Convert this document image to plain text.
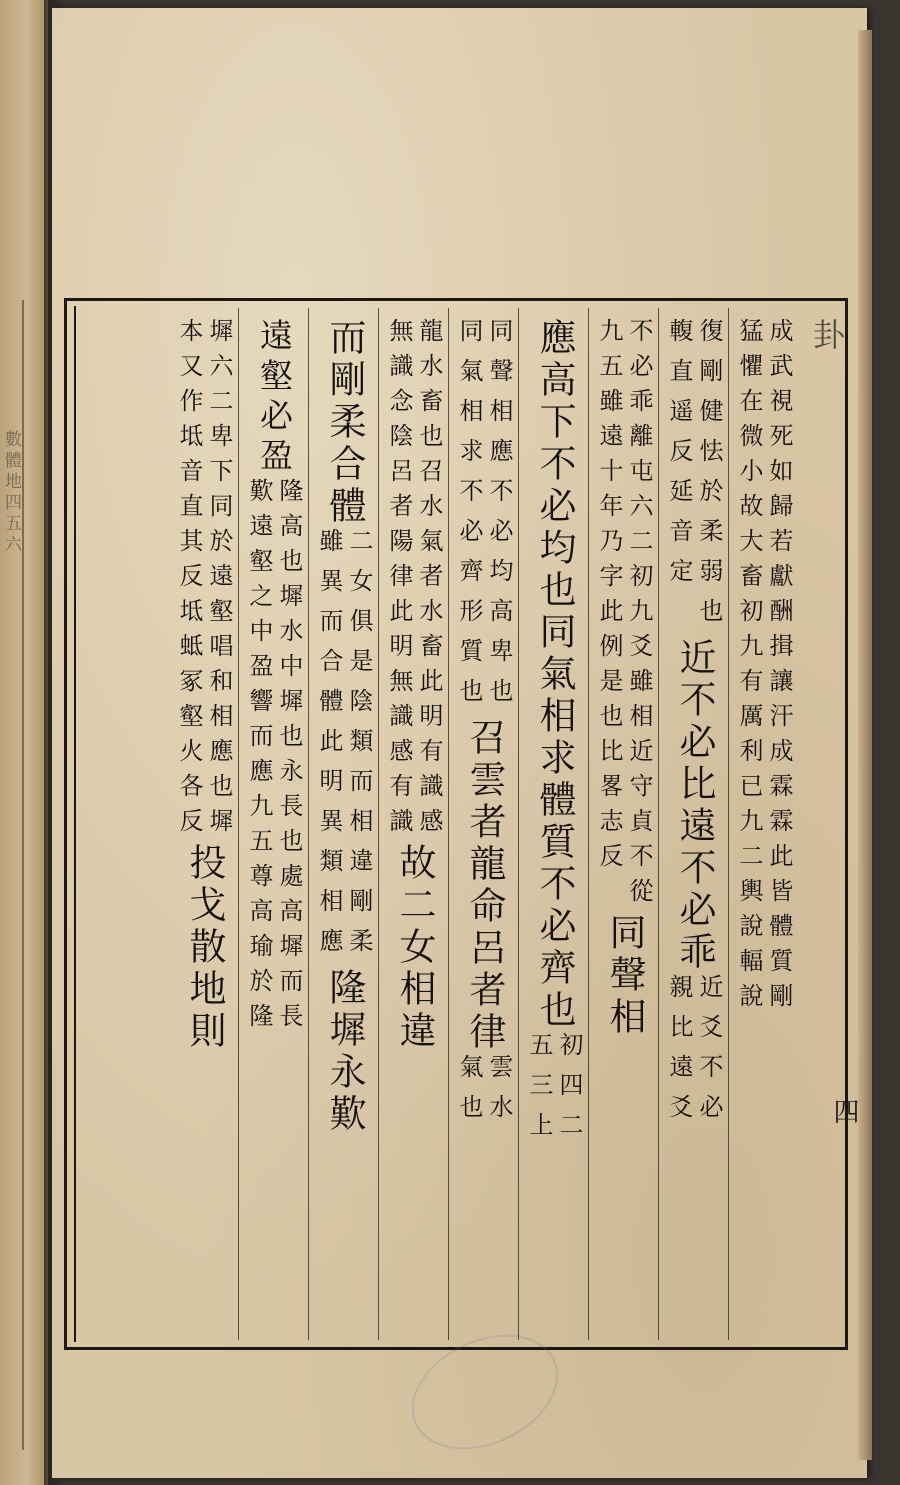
數體地四五六
卦
成武視死如歸若獻酬揖讓汗成霖霖此皆體質剛
猛懼在微小故大畜初九有厲利已九二輿說輻說
復剛健怯於柔弱也
輹直遥反延音定
近不必比遠不必乖
近爻不必
親比遠爻
不必乖離屯六二初九爻雖相近守貞不從
九五雖遠十年乃字此例是也比畧志反
同聲相
應高下不必均也同氣相求體質不必齊也
初四二
五三上
同聲相應不必均高卑也
同氣相求不必齊形質也
召雲者龍命呂者律
雲水
氣也
龍水畜也召水氣者水畜此明有識感
無識念陰呂者陽律此明無識感有識
故二女相違
而剛柔合體
二女俱是陰類而相違剛柔
雖異而合體此明異類相應
隆墀永歎
遠壑必盈
隆高也墀水中墀也永長也處高墀而長
歎遠壑之中盈響而應九五尊高瑜於隆
墀六二卑下同於遠壑唱和相應也墀
本又作坻音直其反坻蚳冢壑火各反
投戈散地則
四
